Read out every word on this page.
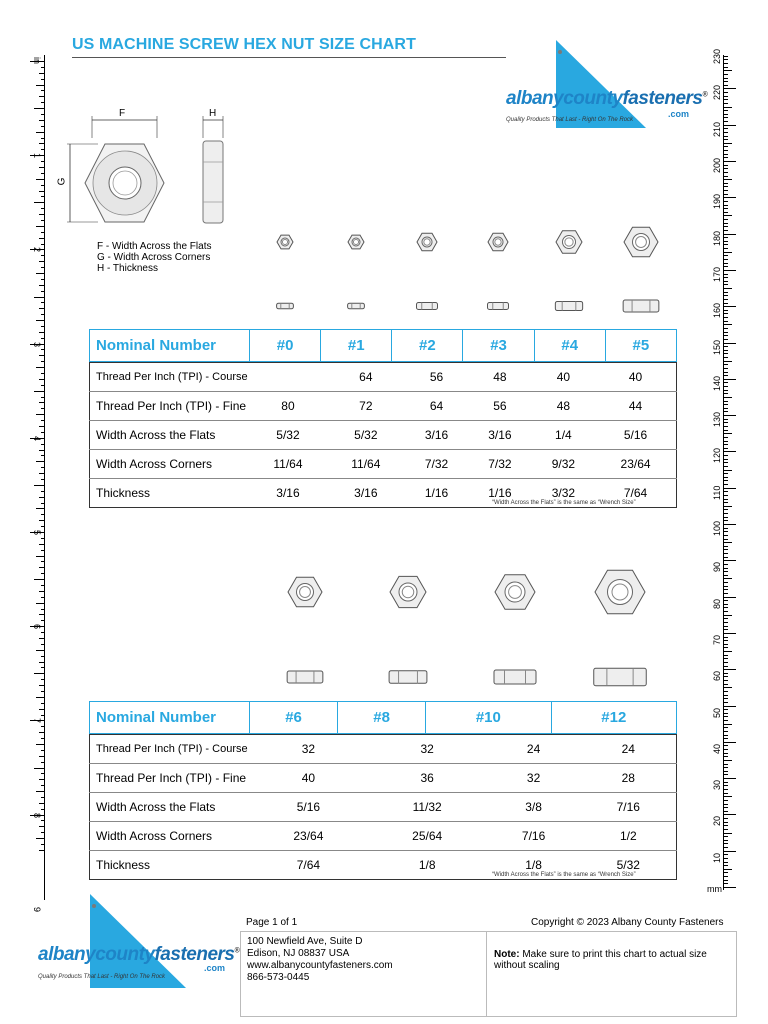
US MACHINE SCREW HEX NUT SIZE CHART
1
2
3
4
5
6
7
8
9
230
220
210
200
190
180
170
160
150
140
130
120
110
100
90
80
70
60
50
40
30
20
10
mm
albanycountyfasteners®
.com
Quality Products That Last - Right On The Rock
F
G
H
F - Width Across the Flats
G - Width Across Corners
H - Thickness
Nominal Number	#0	#1	#2	#3	#4	#5
Thread Per Inch (TPI) - Course		64	56	48	40	40
Thread Per Inch (TPI) - Fine	80	72	64	56	48	44
Width Across the Flats	5/32	5/32	3/16	3/16	1/4	5/16
Width Across Corners	11/64	11/64	7/32	7/32	9/32	23/64
Thickness	3/16	3/16	1/16	1/16	3/32	7/64
“Width Across the Flats” is the same as “Wrench Size”
Nominal Number	#6	#8	#10	#12
Thread Per Inch (TPI) - Course	32	32	24	24
Thread Per Inch (TPI) - Fine	40	36	32	28
Width Across the Flats	5/16	11/32	3/8	7/16
Width Across Corners	23/64	25/64	7/16	1/2
Thickness	7/64	1/8	1/8	5/32
“Width Across the Flats” is the same as “Wrench Size”
albanycountyfasteners®
.com
Quality Products That Last - Right On The Rock
Page 1 of 1	Copyright © 2023 Albany County Fasteners
100 Newfield Ave, Suite D
Edison, NJ 08837 USA
www.albanycountyfasteners.com
866-573-0445
Note: Make sure to print this chart to actual size without scaling
